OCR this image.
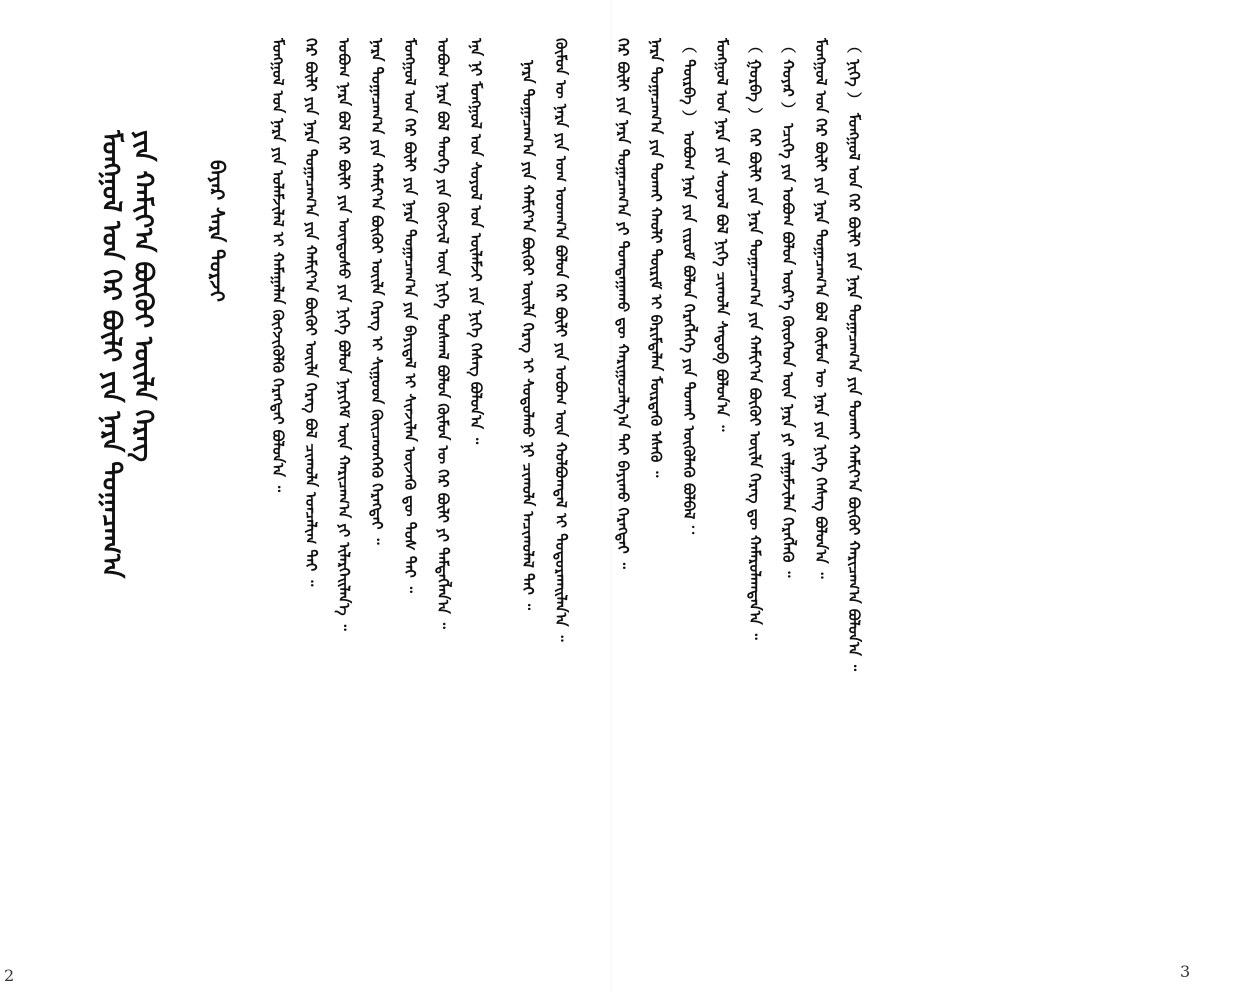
ᠮᠣᠩᠭᠣᠯ ᠤᠨ ᠭᠡᠷ ᠪᠦᠯᠢ ᠶᠢᠨ ᠨᠡᠷᠡ ᠲᠣᠭᠠᠴᠠᠭ᠎ᠠ ᠶᠢᠨ ᠬᠠᠮᠢᠶ᠎ᠠ ᠪᠦᠬᠦᠢ ᠦᠢᠯᠡ ᠬᠡᠷᠡᠭ	ᠪᠠᠶᠠᠷ ᠰᠠᠷᠠ ᠳᠣᠷᠵᠢ
2
ᠮᠣᠩᠭᠣᠯ ᠤᠨ ᠨᠡᠷᠡ ᠶᠢᠨ ᠤᠯᠠᠮᠵᠢᠯᠠᠯ ᠢ ᠬᠠᠮᠠᠭᠠᠯᠠᠨ ᠬᠥᠭᠵᠢᠭᠦᠯᠬᠦ ᠬᠡᠷᠡᠭᠲᠡᠢ ᠪᠣᠯᠤᠨ᠎ᠠ ᠃ ᠭᠡᠷ ᠪᠦᠯᠢ ᠶᠢᠨ ᠨᠡᠷᠡ ᠲᠣᠭᠠᠴᠠᠭ᠎ᠠ ᠶᠢᠨ ᠬᠠᠮᠢᠶ᠎ᠠ ᠪᠦᠬᠦᠢ ᠦᠢᠯᠡ ᠬᠡᠷᠡᠭ ᠪᠣᠯ ᠴᠢᠬᠤᠯᠠ ᠣᠨᠴᠠᠯᠢᠭ ᠲᠠᠢ ᠃ ᠣᠪᠣᠭ ᠨᠡᠷᠡ ᠪᠣᠯ ᠭᠡᠷ ᠪᠦᠯᠢ ᠶᠢᠨ ᠦᠨᠳᠦᠰᠦ ᠶᠢᠨ ᠨᠢᠭᠡ ᠪᠣᠯᠤᠨ ᠨᠡᠶᠢᠭᠡᠮ ᠦᠨ ᠬᠠᠷᠢᠴᠠᠭ᠎ᠠ ᠶᠢ ᠢᠯᠡᠷᠬᠡᠢᠯᠡᠨ᠎ᠡ ᠃ ᠨᠡᠷᠡ ᠲᠣᠭᠠᠴᠠᠭ᠎ᠠ ᠶᠢᠨ ᠬᠠᠮᠢᠶ᠎ᠠ ᠪᠦᠬᠦᠢ ᠦᠢᠯᠡ ᠬᠡᠷᠡᠭ ᠢ ᠰᠢᠭᠤᠳ ᠭᠦᠢᠴᠡᠳᠬᠡᠬᠦ ᠬᠡᠷᠡᠭᠲᠡᠢ ᠃ ᠮᠣᠩᠭᠣᠯ ᠤᠨ ᠭᠡᠷ ᠪᠦᠯᠢ ᠶᠢᠨ ᠨᠡᠷᠡ ᠲᠣᠭᠠᠴᠠᠭ᠎ᠠ ᠶᠢᠨ ᠪᠠᠶᠢᠳᠠᠯ ᠢ ᠰᠢᠨᠵᠢᠯᠡᠨ ᠦᠵᠡᠬᠦ ᠳᠦ ᠲᠤᠰ ᠲᠠᠢ ᠃ ᠣᠪᠣᠭ ᠨᠡᠷᠡ ᠪᠣᠯ ᠲᠡᠦᠬᠡ ᠶᠢᠨ ᠬᠥᠭᠵᠢᠯ ᠦᠨ ᠨᠢᠭᠡ ᠲᠣᠰᠬᠠᠯ ᠪᠣᠯᠤᠨ ᠬᠦᠮᠦᠨ ᠦ ᠭᠡᠷ ᠪᠦᠯᠢ ᠶᠢ ᠲᠡᠮᠳᠡᠭᠯᠡᠨ᠎ᠠ ᠃ ᠡᠨᠡ ᠨᠢ ᠮᠣᠩᠭᠣᠯ ᠤᠨ ᠰᠣᠶᠣᠯ ᠤᠨ ᠦᠯᠡᠮᠵᠢ ᠶᠢᠨ ᠨᠢᠭᠡ ᠬᠡᠰᠡᠭ ᠪᠣᠯᠤᠨ᠎ᠠ ᠃ ᠨᠡᠷᠡ ᠲᠣᠭᠠᠴᠠᠭ᠎ᠠ ᠶᠢᠨ ᠬᠠᠮᠢᠶ᠎ᠠ ᠪᠦᠬᠦᠢ ᠦᠢᠯᠡ ᠬᠡᠷᠡᠭ ᠢ ᠰᠤᠳᠤᠯᠬᠤ ᠨᠢ ᠴᠢᠬᠤᠯᠠ ᠠᠴᠢᠬᠤᠯᠠᠯ ᠲᠠᠢ ᠃ ᠬᠦᠮᠦᠨ ᠦ ᠨᠡᠷᠡ ᠶᠢᠨ ᠤᠭ ᠤᠳᠬ᠎ᠠ ᠪᠣᠯᠤᠨ ᠭᠡᠷ ᠪᠦᠯᠢ ᠶᠢᠨ ᠣᠪᠣᠭ ᠦᠨ ᠬᠣᠯᠪᠣᠭᠳᠠᠯ ᠢ ᠲᠣᠳᠣᠷᠬᠠᠢᠯᠠᠨ᠎ᠠ ᠃	ᠭᠡᠷ ᠪᠦᠯᠢ ᠶᠢᠨ ᠨᠡᠷᠡ ᠲᠣᠭᠠᠴᠠᠭ᠎ᠠ ᠶᠢ ᠲᠣᠭᠲᠠᠭᠠᠬᠤ ᠳᠦ ᠬᠠᠷᠢᠭᠤᠴᠠᠯᠭ᠎ᠠ ᠲᠠᠢ ᠪᠠᠶᠢᠬᠤ ᠬᠡᠷᠡᠭᠲᠡᠶ ᠃ ᠨᠡᠷᠡ ᠲᠣᠭᠠᠴᠠᠭ᠎ᠠ ᠶᠢᠨ ᠲᠤᠬᠠᠢ ᠬᠠᠤᠯᠢ ᠳᠦᠷᠢᠮ ᠢ ᠪᠠᠷᠢᠮᠲᠠᠯᠠᠨ ᠮᠦᠷᠳᠡᠬᠦ ᠡᠰᠡᠬᠦ ᠃ （ ᠳᠦᠷᠪᠡ ） ᠣᠪᠣᠭ ᠨᠡᠷᠡ ᠶᠢᠨ ᠵᠢᠷᠤᠮ ᠪᠣᠯᠤᠨ ᠬᠡᠷᠡᠭᠯᠡᠭᠡ ᠶᠢᠨ ᠲᠤᠬᠠᠢ ᠦᠭᠦᠯᠡᠬᠦ ᠪᠣᠯᠪᠠᠯ ： ᠮᠣᠩᠭᠣᠯ ᠤᠨ ᠨᠡᠷᠡ ᠶᠢᠨ ᠰᠣᠶᠣᠯ ᠪᠣᠯ ᠨᠢᠭᠡ ᠴᠢᠬᠤᠯᠠ ᠰᠡᠳᠦᠪ ᠪᠣᠯᠤᠨ᠎ᠠ ᠃ （ ᠭᠤᠷᠪᠠ ） ᠭᠡᠷ ᠪᠦᠯᠢ ᠶᠢᠨ ᠨᠡᠷᠡ ᠲᠣᠭᠠᠴᠠᠭ᠎ᠠ ᠶᠢᠨ ᠬᠠᠮᠢᠶ᠎ᠠ ᠪᠦᠬᠦᠢ ᠦᠢᠯᠡ ᠬᠡᠷᠡᠭ ᠳᠦ ᠬᠠᠮᠠᠷᠤᠯᠠᠭᠳᠠᠨ᠎ᠠ ᠃ （ ᠬᠣᠶᠠᠷ ） ᠡᠴᠢᠭᠡ ᠶᠢᠨ ᠣᠪᠣᠭ ᠪᠣᠯᠤᠨ ᠦᠷ᠎ᠡ ᠬᠦᠦᠬᠡᠳ ᠦᠨ ᠨᠡᠷᠡ ᠶᠢ ᠵᠠᠯᠭᠠᠮᠵᠢᠯᠠᠨ ᠬᠡᠷᠡᠭᠯᠡᠬᠦ ᠃ ᠮᠣᠩᠭᠣᠯ ᠤᠨ ᠭᠡᠷ ᠪᠦᠯᠢ ᠶᠢᠨ ᠨᠡᠷᠡ ᠲᠣᠭᠠᠴᠠᠭ᠎ᠠ ᠪᠣᠯ ᠬᠦᠮᠦᠨ ᠦ ᠨᠡᠷᠡ ᠶᠢᠨ ᠨᠢᠭᠡ ᠬᠡᠰᠡᠭ ᠪᠣᠯᠤᠨ᠎ᠠ ᠃ （ ᠨᠢᠭᠡ ） ᠮᠣᠩᠭᠣᠯ ᠤᠨ ᠭᠡᠷ ᠪᠦᠯᠢ ᠶᠢᠨ ᠨᠡᠷᠡ ᠲᠣᠭᠠᠴᠠᠭ᠎ᠠ ᠶᠢᠨ ᠲᠤᠬᠠᠢ ᠬᠠᠮᠢᠶ᠎ᠠ ᠪᠦᠬᠦᠢ ᠬᠠᠷᠢᠴᠠᠭ᠎ᠠ ᠪᠣᠯᠤᠨ᠎ᠠ ᠃
3
